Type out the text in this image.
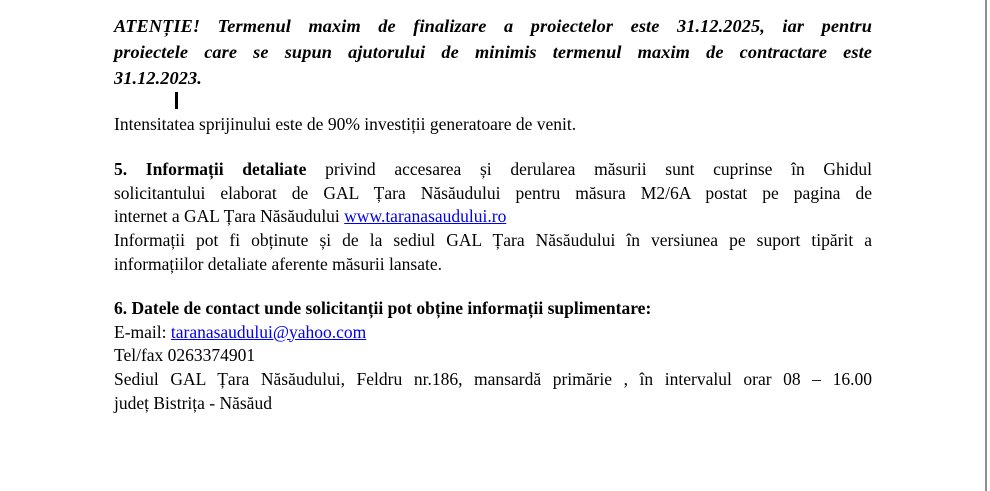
ATENȚIE! Termenul maxim de finalizare a proiectelor este 31.12.2025, iar pentru
proiectele care se supun ajutorului de minimis termenul maxim de contractare este
31.12.2023.
Intensitatea sprijinului este de 90% investiții generatoare de venit.
5. Informații detaliate privind accesarea și derularea măsurii sunt cuprinse în Ghidul
solicitantului elaborat de GAL Țara Năsăudului pentru măsura M2/6A postat pe pagina de
internet a GAL Țara Năsăudului www.taranasaudului.ro
Informații pot fi obținute și de la sediul GAL Țara Năsăudului în versiunea pe suport tipărit a
informațiilor detaliate aferente măsurii lansate.
6. Datele de contact unde solicitanții pot obține informații suplimentare:
E-mail: taranasaudului@yahoo.com
Tel/fax 0263374901
Sediul GAL Țara Năsăudului, Feldru nr.186, mansardă primărie , în intervalul orar 08 – 16.00
județ Bistrița - Năsăud
